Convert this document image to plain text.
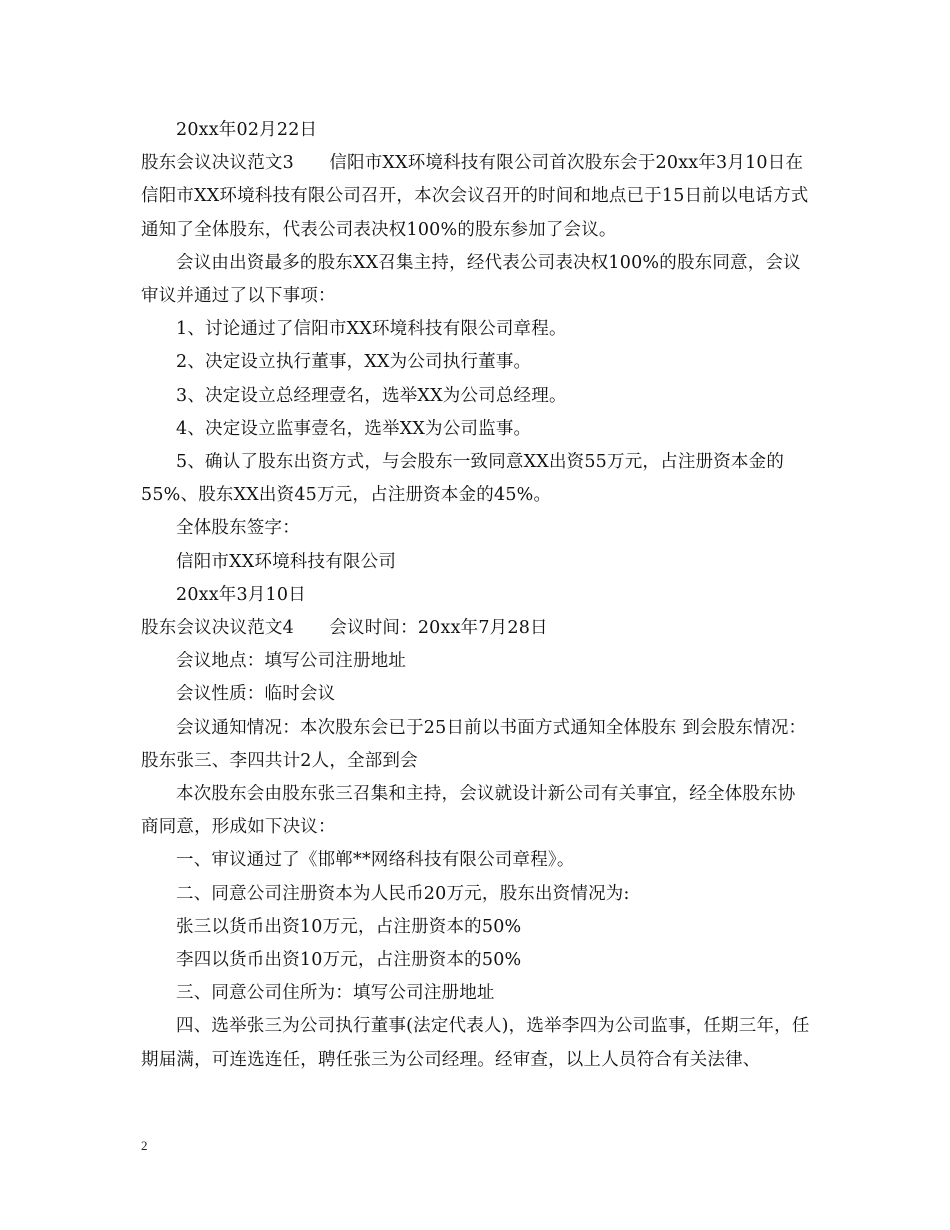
20xx年02月22日

股东会议决议范文3　　信阳市XX环境科技有限公司首次股东会于20xx年3月10日在信阳市XX环境科技有限公司召开，本次会议召开的时间和地点已于15日前以电话方式通知了全体股东，代表公司表决权100%的股东参加了会议。

会议由出资最多的股东XX召集主持，经代表公司表决权100%的股东同意，会议审议并通过了以下事项：

1、讨论通过了信阳市XX环境科技有限公司章程。

2、决定设立执行董事，XX为公司执行董事。

3、决定设立总经理壹名，选举XX为公司总经理。

4、决定设立监事壹名，选举XX为公司监事。

5、确认了股东出资方式，与会股东一致同意XX出资55万元，占注册资本金的55%、股东XX出资45万元，占注册资本金的45%。

全体股东签字：

信阳市XX环境科技有限公司

20xx年3月10日

股东会议决议范文4　　会议时间：20xx年7月28日

会议地点：填写公司注册地址

会议性质：临时会议

会议通知情况：本次股东会已于25日前以书面方式通知全体股东 到会股东情况：股东张三、李四共计2人，全部到会

本次股东会由股东张三召集和主持，会议就设计新公司有关事宜，经全体股东协商同意，形成如下决议：

一、审议通过了《邯郸**网络科技有限公司章程》。

二、同意公司注册资本为人民币20万元，股东出资情况为:

张三以货币出资10万元，占注册资本的50%

李四以货币出资10万元，占注册资本的50%

三、同意公司住所为：填写公司注册地址

四、选举张三为公司执行董事(法定代表人)，选举李四为公司监事，任期三年，任期届满，可连选连任，聘任张三为公司经理。经审查，以上人员符合有关法律、

2
